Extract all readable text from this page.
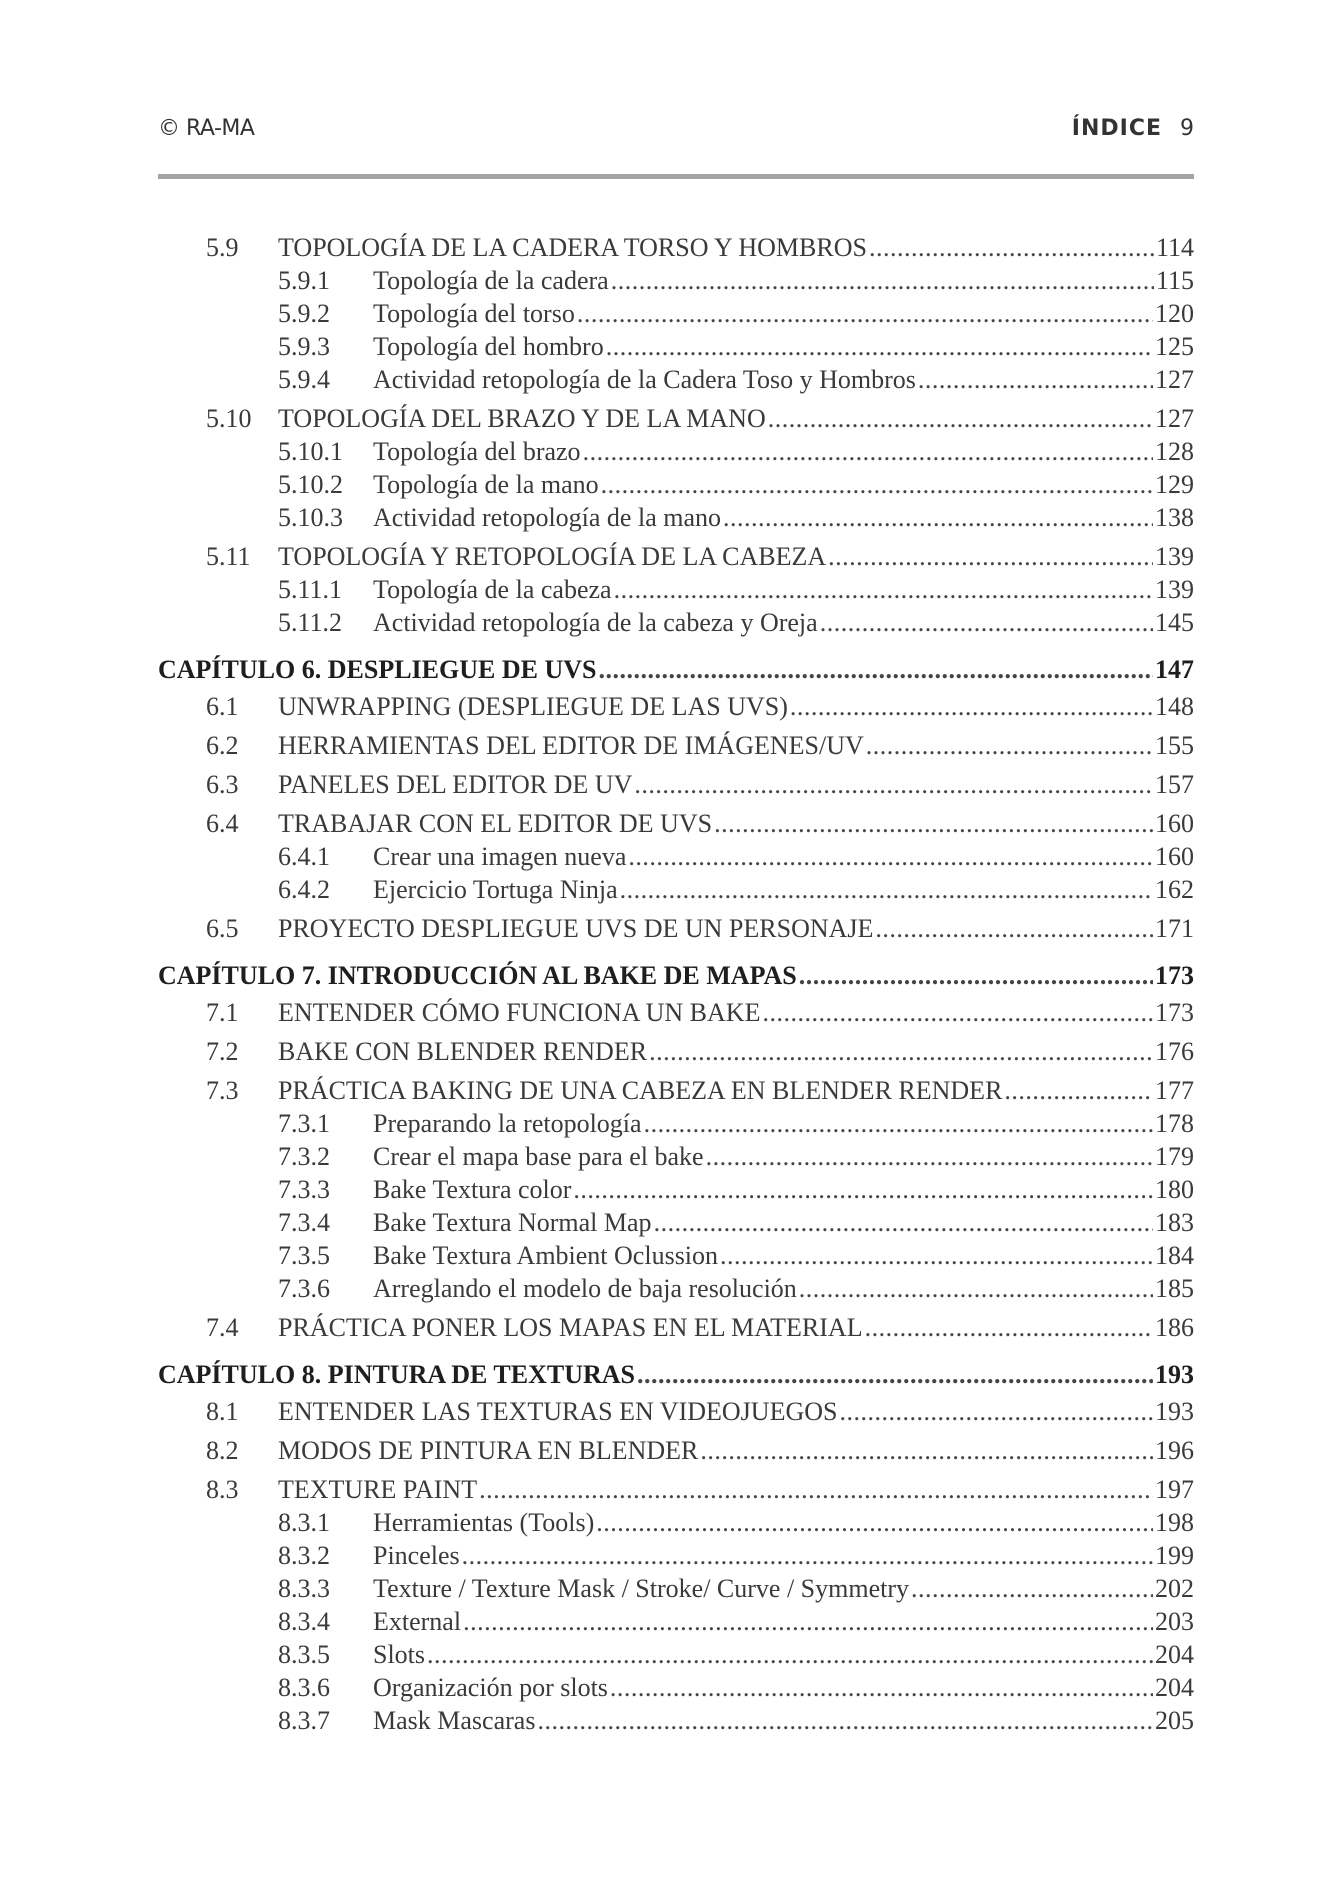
© RA-MA	ÍNDICE 9
5.9	TOPOLOGÍA DE LA CADERA TORSO Y HOMBROS .....	114
5.9.1	Topología de la cadera .....	115
5.9.2	Topología del torso .....	120
5.9.3	Topología del hombro .....	125
5.9.4	Actividad retopología de la Cadera Toso y Hombros .....	127
5.10	TOPOLOGÍA DEL BRAZO Y DE LA MANO .....	127
5.10.1	Topología del brazo .....	128
5.10.2	Topología de la mano .....	129
5.10.3	Actividad retopología de la mano .....	138
5.11	TOPOLOGÍA Y RETOPOLOGÍA DE LA CABEZA .....	139
5.11.1	Topología de la cabeza .....	139
5.11.2	Actividad retopología de la cabeza y Oreja .....	145
CAPÍTULO 6. DESPLIEGUE DE UVS .....	147
6.1	UNWRAPPING (DESPLIEGUE DE LAS UVS) .....	148
6.2	HERRAMIENTAS DEL EDITOR DE IMÁGENES/UV .....	155
6.3	PANELES DEL EDITOR DE UV .....	157
6.4	TRABAJAR CON EL EDITOR DE UVS .....	160
6.4.1	Crear una imagen nueva .....	160
6.4.2	Ejercicio Tortuga Ninja .....	162
6.5	PROYECTO DESPLIEGUE UVS DE UN PERSONAJE .....	171
CAPÍTULO 7. INTRODUCCIÓN AL BAKE DE MAPAS .....	173
7.1	ENTENDER CÓMO FUNCIONA UN BAKE .....	173
7.2	BAKE CON BLENDER RENDER .....	176
7.3	PRÁCTICA BAKING DE UNA CABEZA EN BLENDER RENDER .....	177
7.3.1	Preparando la retopología .....	178
7.3.2	Crear el mapa base para el bake .....	179
7.3.3	Bake Textura color .....	180
7.3.4	Bake Textura Normal Map .....	183
7.3.5	Bake Textura Ambient Oclussion .....	184
7.3.6	Arreglando el modelo de baja resolución .....	185
7.4	PRÁCTICA PONER LOS MAPAS EN EL MATERIAL .....	186
CAPÍTULO 8. PINTURA DE TEXTURAS .....	193
8.1	ENTENDER LAS TEXTURAS EN VIDEOJUEGOS .....	193
8.2	MODOS DE PINTURA EN BLENDER .....	196
8.3	TEXTURE PAINT .....	197
8.3.1	Herramientas (Tools) .....	198
8.3.2	Pinceles .....	199
8.3.3	Texture / Texture Mask / Stroke/ Curve / Symmetry .....	202
8.3.4	External .....	203
8.3.5	Slots .....	204
8.3.6	Organización por slots .....	204
8.3.7	Mask Mascaras .....	205
